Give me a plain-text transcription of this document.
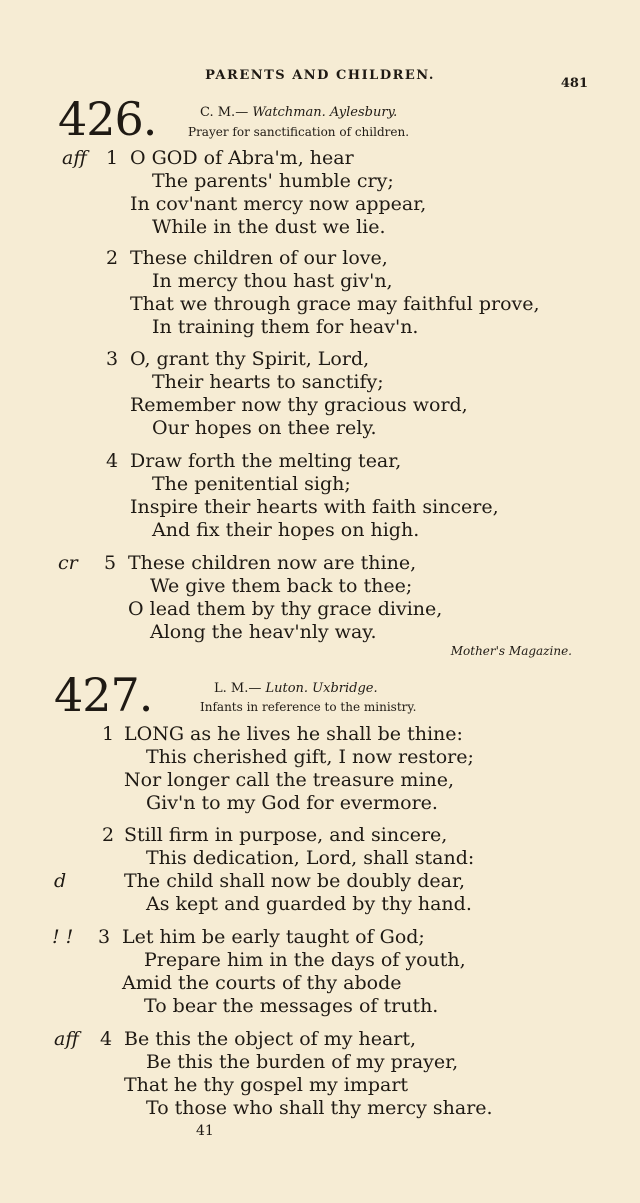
PARENTS AND CHILDREN.
481
426.	C. M.— Watchman. Aylesbury.
Prayer for sanctification of children.
aff 1 O GOD of Abra'm, hear
The parents' humble cry;
In cov'nant mercy now appear,
While in the dust we lie.
2 These children of our love,
In mercy thou hast giv'n,
That we through grace may faithful prove,
In training them for heav'n.
3 O, grant thy Spirit, Lord,
Their hearts to sanctify;
Remember now thy gracious word,
Our hopes on thee rely.
4 Draw forth the melting tear,
The penitential sigh;
Inspire their hearts with faith sincere,
And fix their hopes on high.
cr 5 These children now are thine,
We give them back to thee;
O lead them by thy grace divine,
Along the heav'nly way.
Mother's Magazine.
427.	L. M.— Luton. Uxbridge.
Infants in reference to the ministry.
1 LONG as he lives he shall be thine:
This cherished gift, I now restore;
Nor longer call the treasure mine,
Giv'n to my God for evermore.
2 Still firm in purpose, and sincere,
This dedication, Lord, shall stand:
d	The child shall now be doubly dear,
As kept and guarded by thy hand.
! ! 3 Let him be early taught of God;
Prepare him in the days of youth,
Amid the courts of thy abode
To bear the messages of truth.
aff 4 Be this the object of my heart,
Be this the burden of my prayer,
That he thy gospel my impart
To those who shall thy mercy share.
41
